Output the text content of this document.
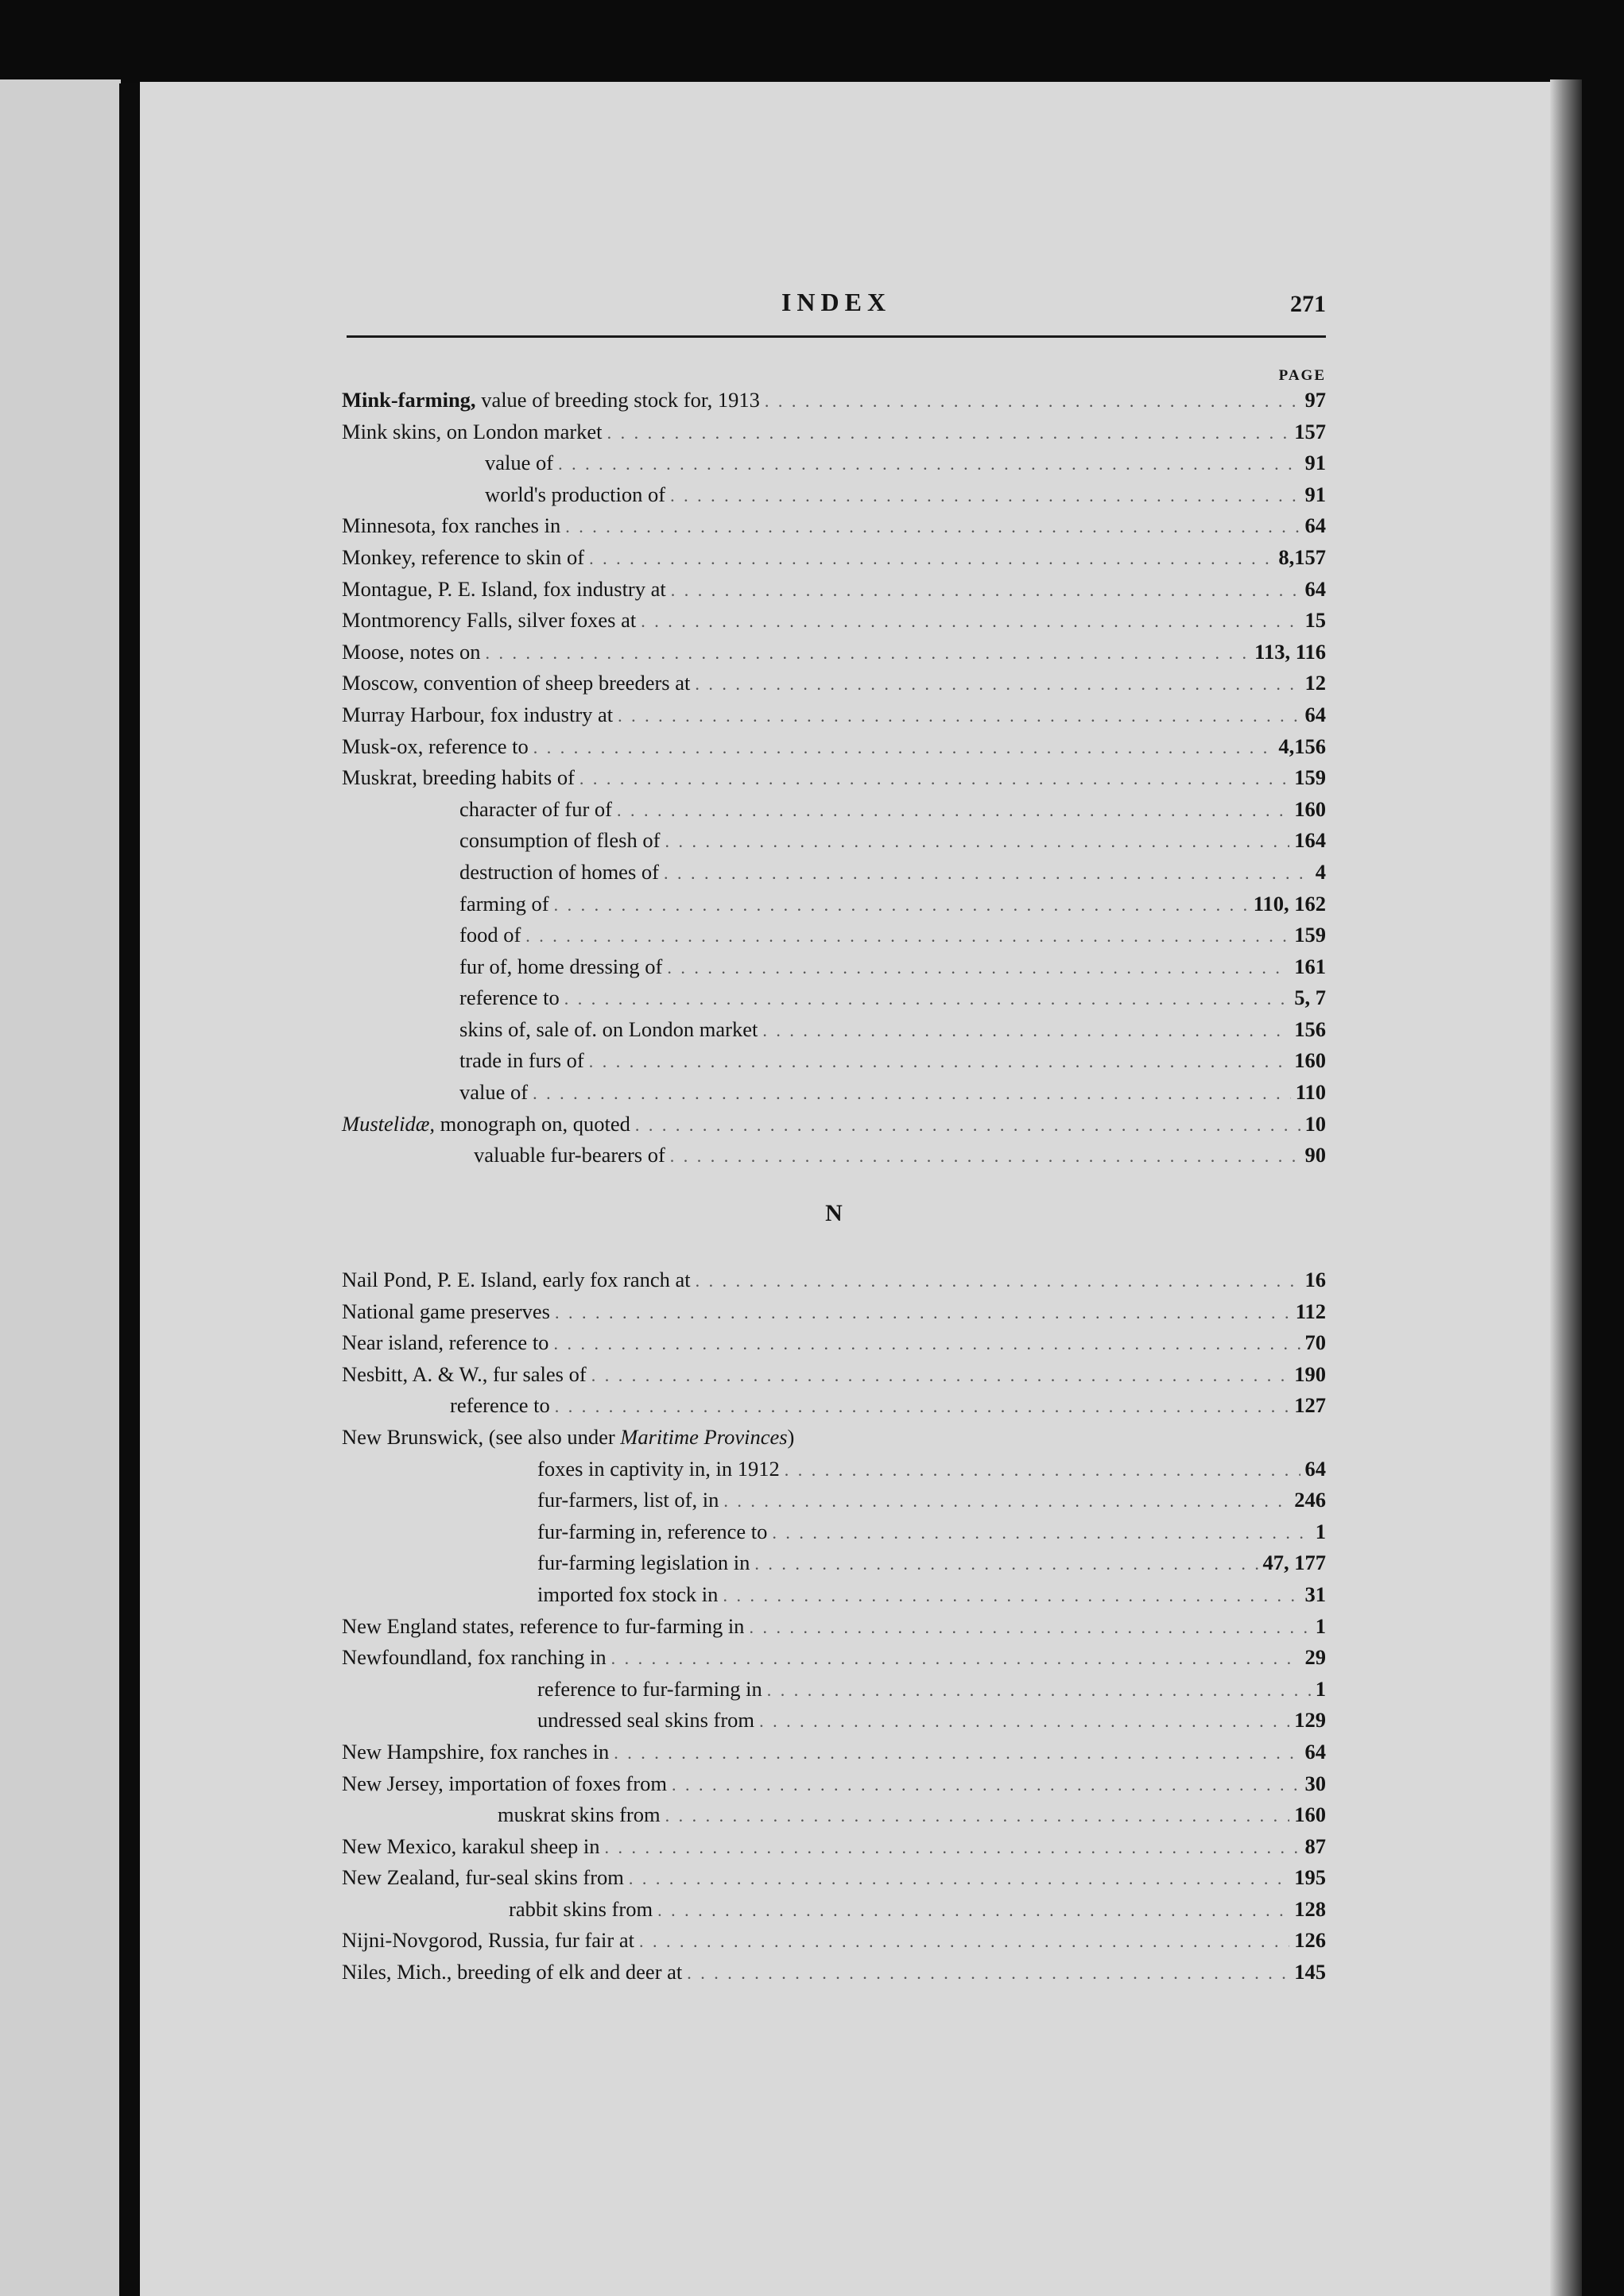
INDEX	271
PAGE
Mink-farming, value of breeding stock for, 1913 . . .	97
Mink skins, on London market . . .	157
value of . . .	91
world's production of . . .	91
Minnesota, fox ranches in . . .	64
Monkey, reference to skin of . . .	8,157
Montague, P. E. Island, fox industry at . . .	64
Montmorency Falls, silver foxes at . . .	15
Moose, notes on . . .	113, 116
Moscow, convention of sheep breeders at . . .	12
Murray Harbour, fox industry at . . .	64
Musk-ox, reference to . . .	4,156
Muskrat, breeding habits of . . .	159
character of fur of . . .	160
consumption of flesh of . . .	164
destruction of homes of . . .	4
farming of . . .	110, 162
food of . . .	159
fur of, home dressing of . . .	161
reference to . . .	5, 7
skins of, sale of. on London market . . .	156
trade in furs of . . .	160
value of . . .	110
Mustelidæ, monograph on, quoted . . .	10
valuable fur-bearers of . . .	90
N
Nail Pond, P. E. Island, early fox ranch at . . .	16
National game preserves . . .	112
Near island, reference to . . .	70
Nesbitt, A. & W., fur sales of . . .	190
reference to . . .	127
New Brunswick, (see also under Maritime Provinces)
foxes in captivity in, in 1912 . . .	64
fur-farmers, list of, in . . .	246
fur-farming in, reference to . . .	1
fur-farming legislation in . . .	47, 177
imported fox stock in . . .	31
New England states, reference to fur-farming in . . .	1
Newfoundland, fox ranching in . . .	29
reference to fur-farming in . . .	1
undressed seal skins from . . .	129
New Hampshire, fox ranches in . . .	64
New Jersey, importation of foxes from . . .	30
muskrat skins from . . .	160
New Mexico, karakul sheep in . . .	87
New Zealand, fur-seal skins from . . .	195
rabbit skins from . . .	128
Nijni-Novgorod, Russia, fur fair at . . .	126
Niles, Mich., breeding of elk and deer at . . .	145
